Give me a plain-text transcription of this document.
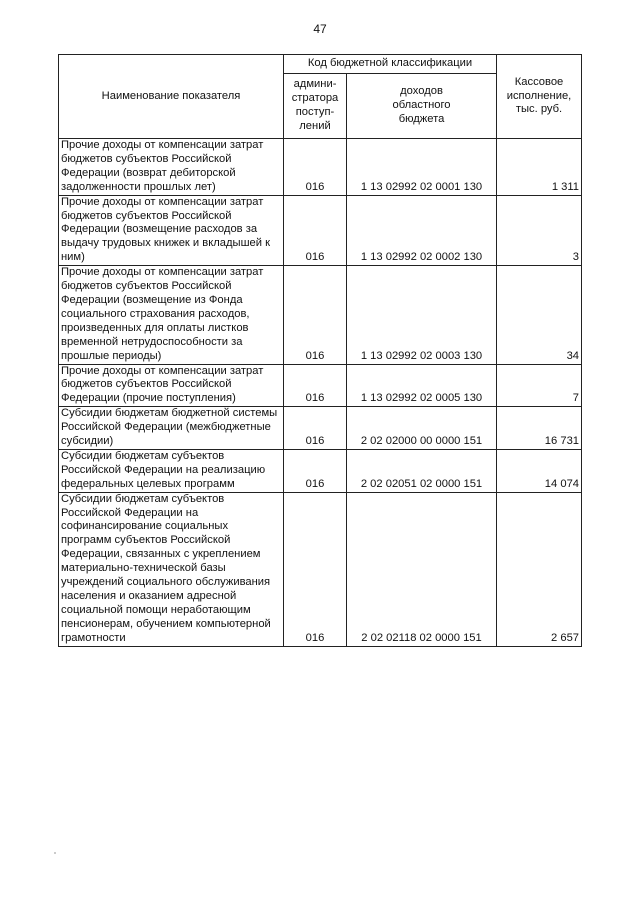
47
Наименование показателя	Код бюджетной классификации		Кассовое
исполнение,
тыс. руб.
	админи-
стратора
поступ-
лений	доходов
областного
бюджета	
Прочие доходы от компенсации затрат бюджетов субъектов Российской Федерации (возврат дебиторской задолженности прошлых лет)	016	1 13 02992 02 0001 130	1 311
Прочие доходы от компенсации затрат бюджетов субъектов Российской Федерации (возмещение расходов за выдачу трудовых книжек и вкладышей к ним)	016	1 13 02992 02 0002 130	3
Прочие доходы от компенсации затрат бюджетов субъектов Российской Федерации (возмещение из Фонда социального страхования расходов, произведенных для оплаты листков временной нетрудоспособности за прошлые периоды)	016	1 13 02992 02 0003 130	34
Прочие доходы от компенсации затрат бюджетов субъектов Российской Федерации (прочие поступления)	016	1 13 02992 02 0005 130	7
Субсидии бюджетам бюджетной системы Российской Федерации (межбюджетные субсидии)	016	2 02 02000 00 0000 151	16 731
Субсидии бюджетам субъектов Российской Федерации на реализацию федеральных целевых программ	016	2 02 02051 02 0000 151	14 074
Субсидии бюджетам субъектов Российской Федерации на софинансирование социальных программ субъектов Российской Федерации, связанных с укреплением материально-технической базы учреждений социального обслуживания населения и оказанием адресной социальной помощи неработающим пенсионерам, обучением компьютерной грамотности	016	2 02 02118 02 0000 151	2 657
